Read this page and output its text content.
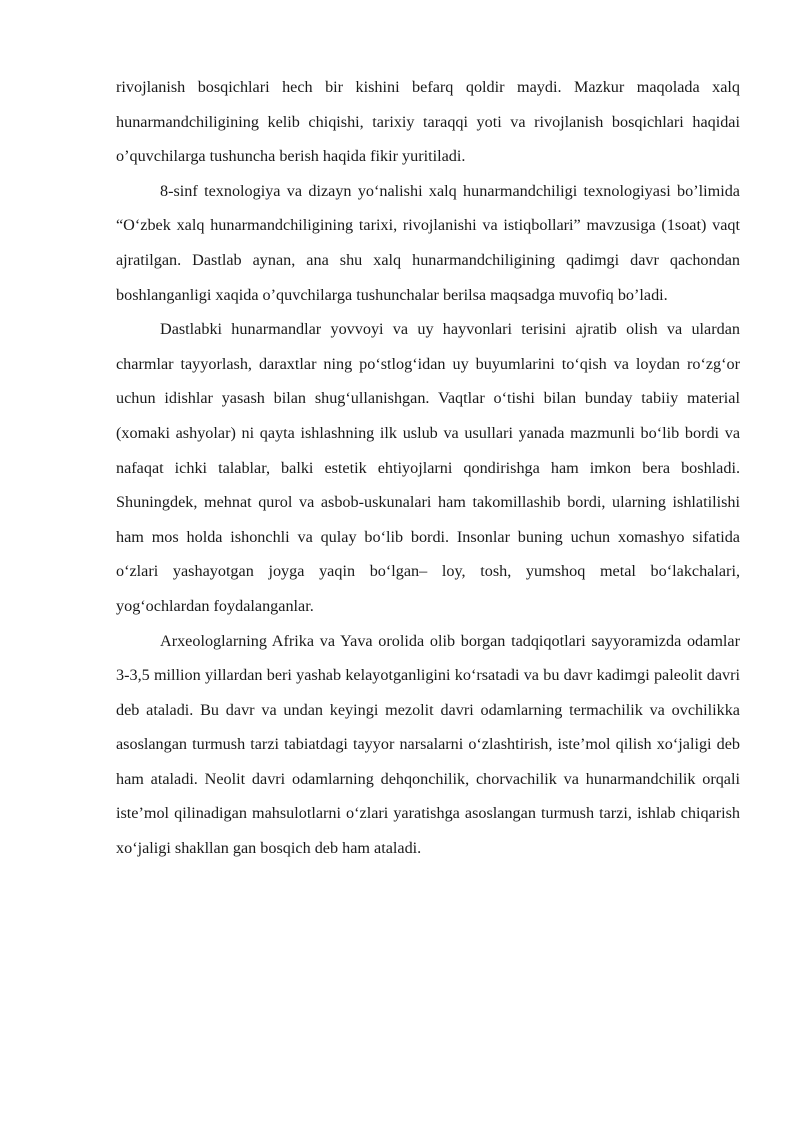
rivojlanish bosqichlari hech bir kishini befarq qoldir maydi. Mazkur maqolada xalq hunarmandchiligining kelib chiqishi, tarixiy taraqqi yoti va rivojlanish bosqichlari haqidai o’quvchilarga tushuncha berish haqida fikir yuritiladi.

8-sinf texnologiya va dizayn yo‘nalishi xalq hunarmandchiligi texnologiyasi bo’limida “O‘zbek xalq hunarmandchiligining tarixi, rivojlanishi va istiqbollari” mavzusiga (1soat) vaqt ajratilgan. Dastlab aynan, ana shu xalq hunarmandchiligining qadimgi davr qachondan boshlanganligi xaqida o’quvchilarga tushunchalar berilsa maqsadga muvofiq bo’ladi.

Dastlabki hunarmandlar yovvoyi va uy hayvonlari terisini ajratib olish va ulardan charmlar tayyorlash, daraxtlar ning po‘stlog‘idan uy buyumlarini to‘qish va loydan ro‘zg‘or uchun idishlar yasash bilan shug‘ullanishgan. Vaqtlar o‘tishi bilan bunday tabiiy material (xomaki ashyolar) ni qayta ishlashning ilk uslub va usullari yanada mazmunli bo‘lib bordi va nafaqat ichki talablar, balki estetik ehtiyojlarni qondirishga ham imkon bera boshladi. Shuningdek, mehnat qurol va asbob-uskunalari ham takomillashib bordi, ularning ishlatilishi ham mos holda ishonchli va qulay bo‘lib bordi. Insonlar buning uchun xomashyo sifatida o‘zlari yashayotgan joyga yaqin bo‘lgan– loy, tosh, yumshoq metal bo‘lakchalari, yog‘ochlardan foydalanganlar.

Arxeologlarning Afrika va Yava orolida olib borgan tadqiqotlari sayyoramizda odamlar 3-3,5 million yillardan beri yashab kelayotganligini ko‘rsatadi va bu davr kadimgi paleolit davri deb ataladi. Bu davr va undan keyingi mezolit davri odamlarning termachilik va ovchilikka asoslangan turmush tarzi tabiatdagi tayyor narsalarni o‘zlashtirish, iste’mol qilish xo‘jaligi deb ham ataladi. Neolit davri odamlarning dehqonchilik, chorvachilik va hunarmandchilik orqali iste’mol qilinadigan mahsulotlarni o‘zlari yaratishga asoslangan turmush tarzi, ishlab chiqarish xo‘jaligi shakllan gan bosqich deb ham ataladi.
